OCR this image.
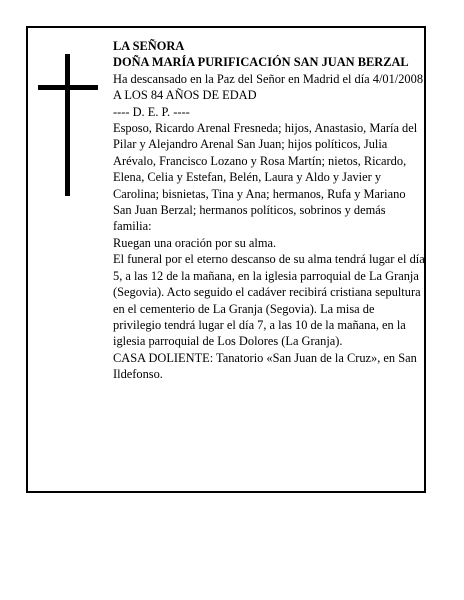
LA SEÑORA

DOÑA MARÍA PURIFICACIÓN SAN JUAN BERZAL

Ha descansado en la Paz del Señor en Madrid el día 4/01/2008

A LOS 84 AÑOS DE EDAD

---- D. E. P. ----

Esposo, Ricardo Arenal Fresneda; hijos, Anastasio, María del Pilar y Alejandro Arenal San Juan; hijos políticos, Julia Arévalo, Francisco Lozano y Rosa Martín; nietos, Ricardo, Elena, Celia y Estefan, Belén, Laura y Aldo y Javier y Carolina; bisnietas, Tina y Ana; hermanos, Rufa y Mariano San Juan Berzal; hermanos políticos, sobrinos y demás familia:

Ruegan una oración por su alma.

El funeral por el eterno descanso de su alma tendrá lugar el día 5, a las 12 de la mañana, en la iglesia parroquial de La Granja (Segovia). Acto seguido el cadáver recibirá cristiana sepultura en el cementerio de La Granja (Segovia). La misa de privilegio tendrá lugar el día 7, a las 10 de la mañana, en la iglesia parroquial de Los Dolores (La Granja).

CASA DOLIENTE: Tanatorio «San Juan de la Cruz», en San Ildefonso.
